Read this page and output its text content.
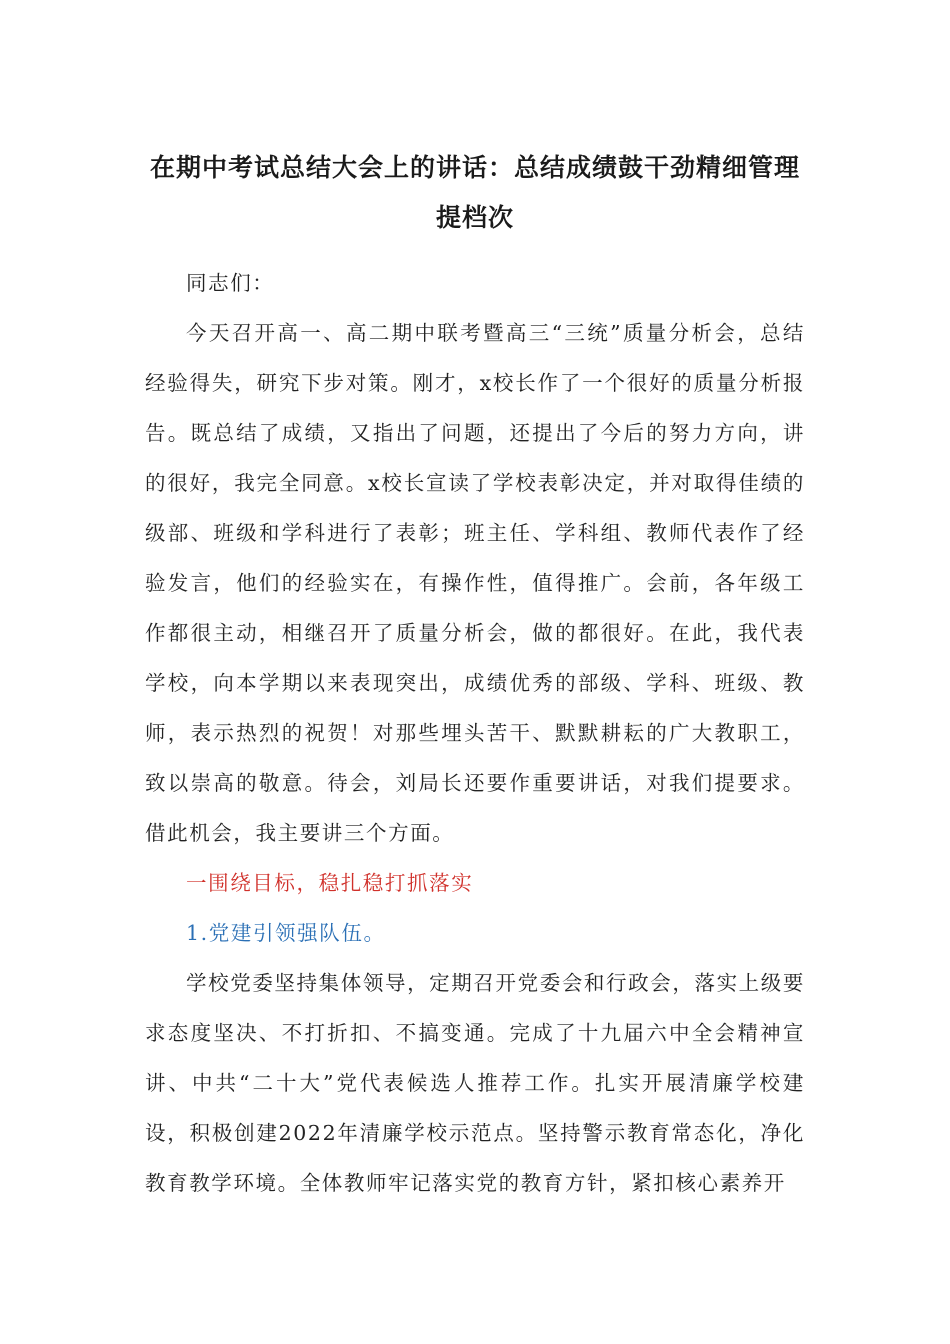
在期中考试总结大会上的讲话：总结成绩鼓干劲精细管理
提档次

同志们：

今天召开高一、高二期中联考暨高三“三统”质量分析会，总结经验得失，研究下步对策。刚才，x校长作了一个很好的质量分析报告。既总结了成绩，又指出了问题，还提出了今后的努力方向，讲的很好，我完全同意。x校长宣读了学校表彰决定，并对取得佳绩的级部、班级和学科进行了表彰；班主任、学科组、教师代表作了经验发言，他们的经验实在，有操作性，值得推广。会前，各年级工作都很主动，相继召开了质量分析会，做的都很好。在此，我代表学校，向本学期以来表现突出，成绩优秀的部级、学科、班级、教师，表示热烈的祝贺！对那些埋头苦干、默默耕耘的广大教职工，致以崇高的敬意。待会，刘局长还要作重要讲话，对我们提要求。借此机会，我主要讲三个方面。

一围绕目标，稳扎稳打抓落实

1.党建引领强队伍。

学校党委坚持集体领导，定期召开党委会和行政会，落实上级要求态度坚决、不打折扣、不搞变通。完成了十九届六中全会精神宣讲、中共“二十大”党代表候选人推荐工作。扎实开展清廉学校建设，积极创建2022年清廉学校示范点。坚持警示教育常态化，净化教育教学环境。全体教师牢记落实党的教育方针，紧扣核心素养开
